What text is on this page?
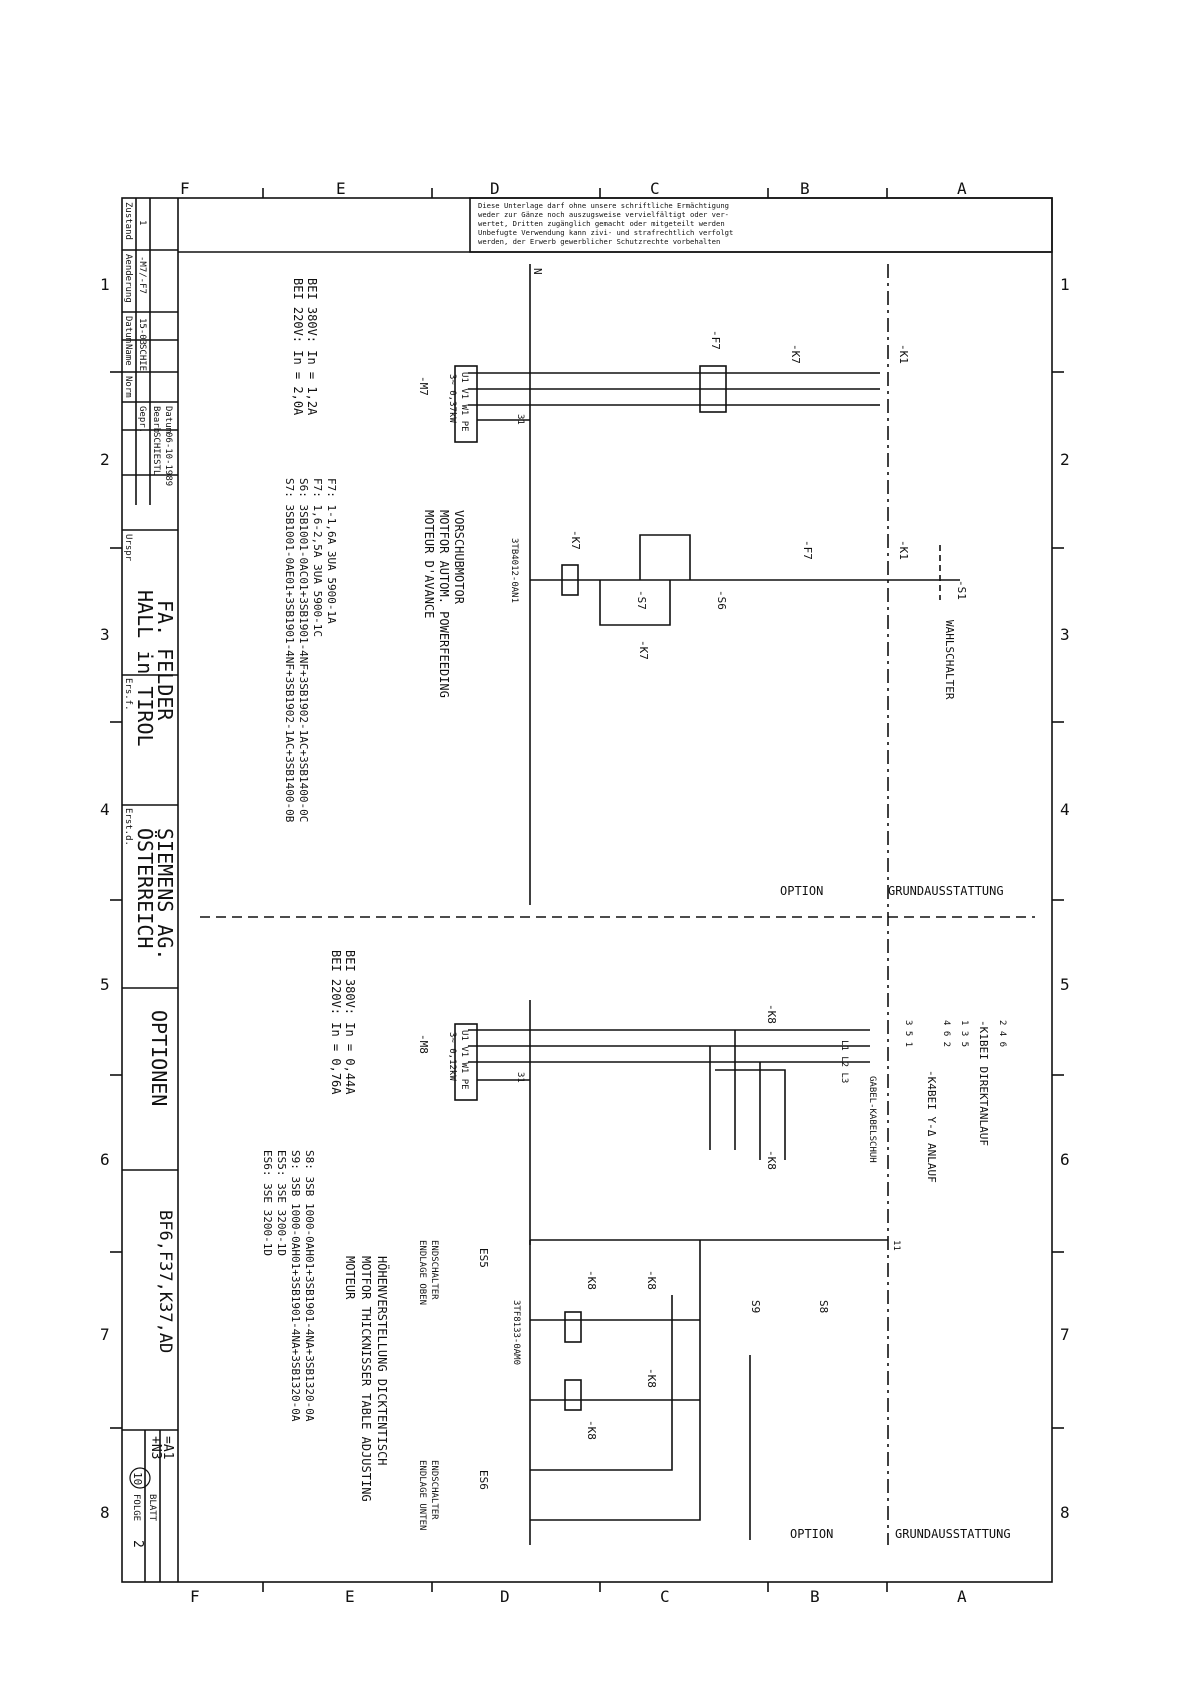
A
B
C
D
E
F
A
B
C
D
E
F
1
2
3
4
5
6
7
8
1
2
3
4
5
6
7
8
Diese Unterlage darf ohne unsere schriftliche Ermächtigung
weder zur Gänze noch auszugsweise vervielfältigt oder ver-
wertet, Dritten zugänglich gemacht oder mitgeteilt werden
Unbefugte Verwendung kann zivi- und strafrechtlich verfolgt
werden, der Erwerb gewerblicher Schutzrechte vorbehalten
Zustand
Aenderung
Datum
Name
Norm
1
-M7/-F7
15-03
SCHIE
Datum
06-10-1989
Bearb
SCHIESTL
Gepr.
Urspr
Ers.f.
Erst.d.
BLATT
FOLGE
FA. FELDER
HALL in TIROL
SIEMENS AG.
ÖSTERREICH
OPTIONEN
BF6,F37,K37,AD
=A1
+N3
10
2
N
WAHLSCHALTER
-S1
-K1
-K7
-F7
-K1
-F7
-S6
-S7
-K7
-K7
3TB4012-0AN1
U1 V1 W1 PE
3~ 0,37kW
-M7
31
VORSCHUBMOTOR
MOTFOR AUTOM. POWERFEEDING
MOTEUR D'AVANCE
BEI 380V: In = 1,2A
BEI 220V: In = 2,0A
F7: 1-1,6A 3UA 5900-1A
F7: 1,6-2,5A 3UA 5900-1C
S6: 3SB1001-0AC01+3SB1901-4NF+3SB1902-1AC+3SB1400-0C
S7: 3SB1001-0AE01+3SB1901-4NF+3SB1902-1AC+3SB1400-0B
OPTION	GRUNDAUSSTATTUNG
-K1
BEI DIREKTANLAUF
-K4
BEI Y-Δ ANLAUF
2 4 6
1 3 5
4 6 2
3 5 1
L1 L2 L3
GABEL-KABELSCHUH
-K8
-K8
U1 V1 W1 PE
3~ 0,12kW
-M8
31
BEI 380V: In = 0,44A
BEI 220V: In = 0,76A
S8: 3SB 1000-0AH01+3SB1901-4NA+3SB1320-0A
S9: 3SB 1000-0AH01+3SB1901-4NA+3SB1320-0A
ES5: 3SE 3200-1D
ES6: 3SE 3200-1D
HÖHENVERSTELLUNG DICKTENTISCH
MOTFOR THICKNISSER TABLE ADJUSTING
MOTEUR
11
S8
S9
-K8
-K8
-K8
-K8
3TF8133-0AM0
ES5
ES6
ENDSCHALTER
ENDLAGE OBEN
ENDSCHALTER
ENDLAGE UNTEN
OPTION	GRUNDAUSSTATTUNG
